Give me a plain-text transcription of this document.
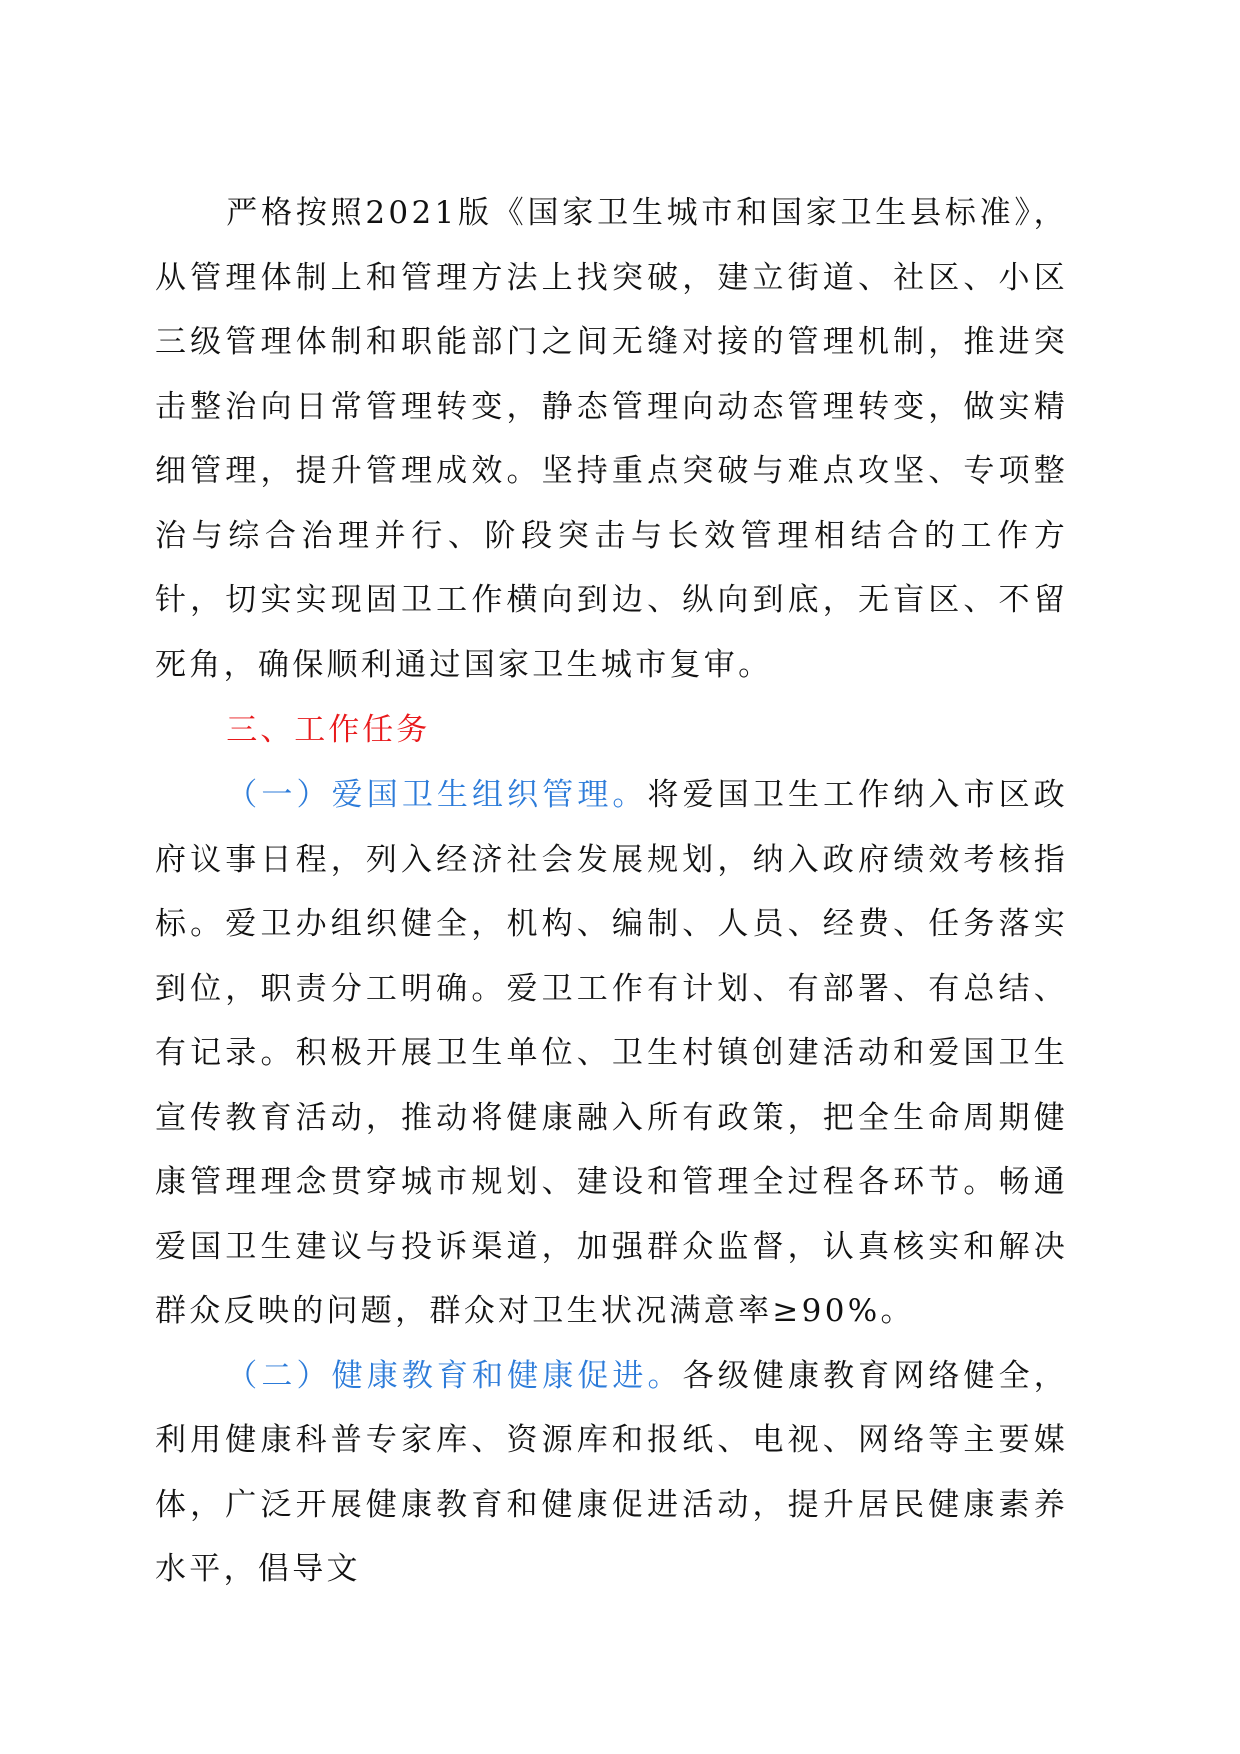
严格按照2021版《国家卫生城市和国家卫生县标准》，从管理体制上和管理方法上找突破，建立街道、社区、小区三级管理体制和职能部门之间无缝对接的管理机制，推进突击整治向日常管理转变，静态管理向动态管理转变，做实精细管理，提升管理成效。坚持重点突破与难点攻坚、专项整治与综合治理并行、阶段突击与长效管理相结合的工作方针，切实实现固卫工作横向到边、纵向到底，无盲区、不留死角，确保顺利通过国家卫生城市复审。

三、工作任务

（一）爱国卫生组织管理。将爱国卫生工作纳入市区政府议事日程，列入经济社会发展规划，纳入政府绩效考核指标。爱卫办组织健全，机构、编制、人员、经费、任务落实到位，职责分工明确。爱卫工作有计划、有部署、有总结、有记录。积极开展卫生单位、卫生村镇创建活动和爱国卫生宣传教育活动，推动将健康融入所有政策，把全生命周期健康管理理念贯穿城市规划、建设和管理全过程各环节。畅通爱国卫生建议与投诉渠道，加强群众监督，认真核实和解决群众反映的问题，群众对卫生状况满意率≥90%。

（二）健康教育和健康促进。各级健康教育网络健全，利用健康科普专家库、资源库和报纸、电视、网络等主要媒体，广泛开展健康教育和健康促进活动，提升居民健康素养水平，倡导文
